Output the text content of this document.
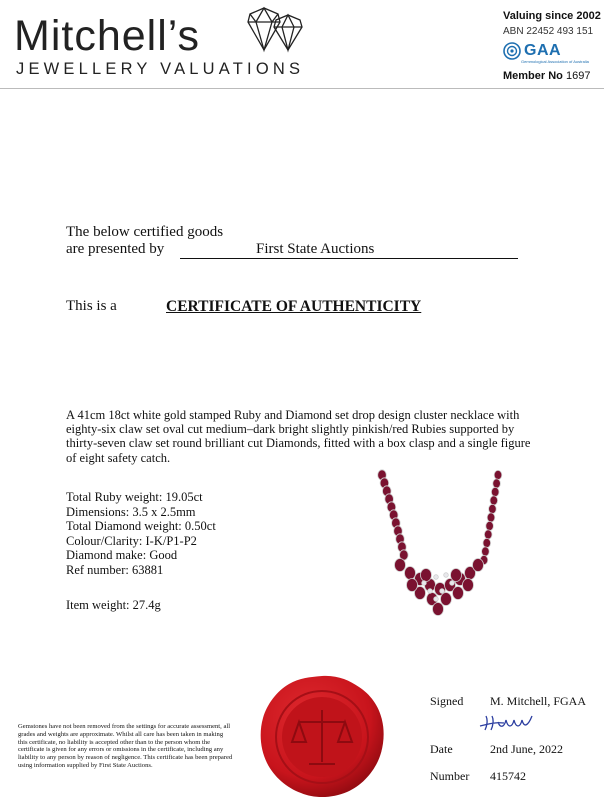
Mitchell’s
JEWELLERY VALUATIONS
Valuing since 2002
ABN 22452 493 151
GAA
Gemmological Association of Australia
Member No 1697
The below certified goods
are presented by	First State Auctions
This is a	CERTIFICATE OF AUTHENTICITY
A 41cm 18ct white gold stamped Ruby and Diamond set drop design cluster necklace with eighty-six claw set oval cut medium–dark bright slightly pinkish/red Rubies supported by thirty-seven claw set round brilliant cut Diamonds, fitted with a box clasp and a single figure of eight safety catch.
Total Ruby weight: 19.05ct
Dimensions: 3.5 x 2.5mm
Total Diamond weight: 0.50ct
Colour/Clarity: I-K/P1-P2
Diamond make: Good
Ref number: 63881
Item weight: 27.4g
Gemstones have not been removed from the settings for accurate assessment, all grades and weights are approximate. Whilst all care has been taken in making this certificate, no liability is accepted other than to the person whom the certificate is given for any errors or omissions in the certificate, including any liability to any person by reason of negligence. This certificate has been prepared using information supplied by First State Auctions.
Signed M. Mitchell, FGAA
Date	2nd June, 2022
Number 415742
